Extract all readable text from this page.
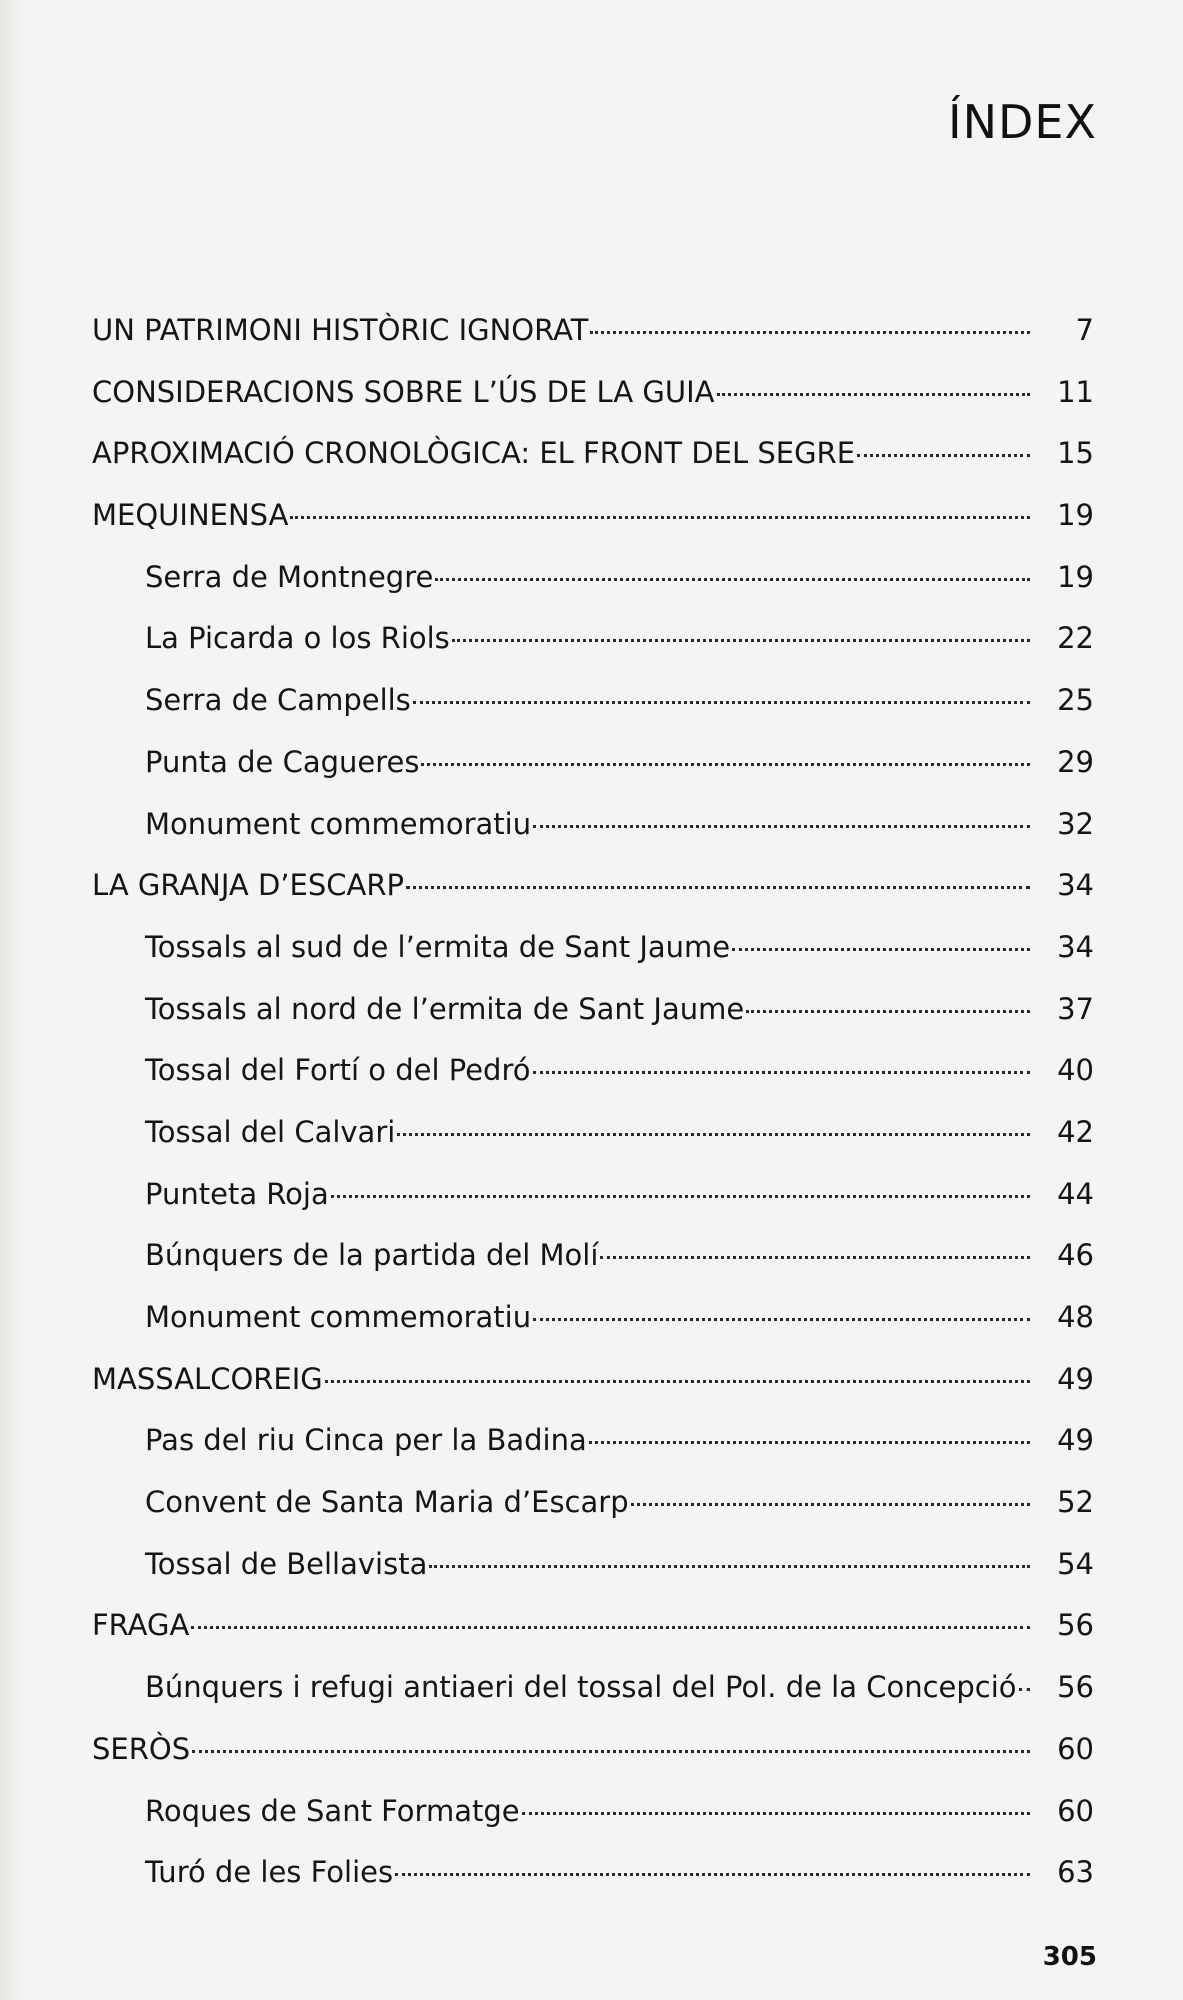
ÍNDEX
UN PATRIMONI HISTÒRIC IGNORAT	7
CONSIDERACIONS SOBRE L’ÚS DE LA GUIA	11
APROXIMACIÓ CRONOLÒGICA: EL FRONT DEL SEGRE	15
MEQUINENSA	19
Serra de Montnegre	19
La Picarda o los Riols	22
Serra de Campells	25
Punta de Cagueres	29
Monument commemoratiu	32
LA GRANJA D’ESCARP	34
Tossals al sud de l’ermita de Sant Jaume	34
Tossals al nord de l’ermita de Sant Jaume	37
Tossal del Fortí o del Pedró	40
Tossal del Calvari	42
Punteta Roja	44
Búnquers de la partida del Molí	46
Monument commemoratiu	48
MASSALCOREIG	49
Pas del riu Cinca per la Badina	49
Convent de Santa Maria d’Escarp	52
Tossal de Bellavista	54
FRAGA	56
Búnquers i refugi antiaeri del tossal del Pol. de la Concepció	56
SERÒS	60
Roques de Sant Formatge	60
Turó de les Folies	63
305
